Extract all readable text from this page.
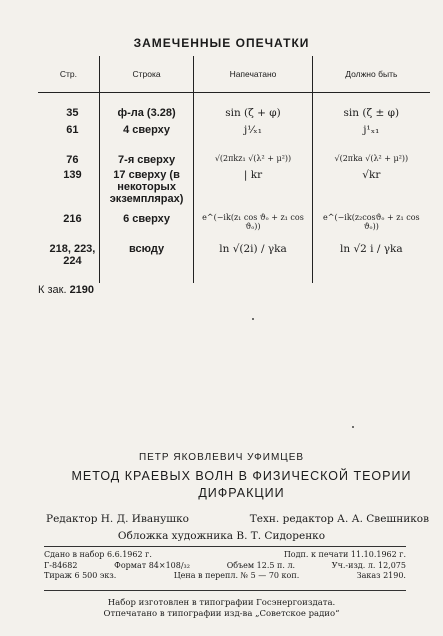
ЗАМЕЧЕННЫЕ ОПЕЧАТКИ
Стр.	Строка	Напечатано	Должно быть

35	ф-ла (3.28)	sin (ζ + φ)	sin (ζ ± φ)
61	4 сверху	j¹⁄ₓ₁	j¹ₓ₁
76	7-я сверху	√(2πkz₁ √(λ² + μ²))	√(2πka √(λ² + μ²))
139	17 сверху (в некоторых экземплярах)	| kr	√kr
216	6 сверху	e^(−ik(z₁ cos ϑₒ + z₁ cos ϑₒ))	e^(−ik(z₂cosϑₒ + z₁ cos ϑₒ))
218, 223, 224	всюду	ln √(2i) / γka	ln √2 i / γka
К зак. 2190
ПЕТР ЯКОВЛЕВИЧ УФИМЦЕВ
МЕТОД КРАЕВЫХ ВОЛН В ФИЗИЧЕСКОЙ ТЕОРИИ
ДИФРАКЦИИ
Редактор Н. Д. Иванушко	Техн. редактор А. А. Свешников
Обложка художника В. Т. Сидоренко
Сдано в набор 6.6.1962 г.	Подп. к печати 11.10.1962 г.
Г-84682	Формат 84×108/₃₂	Объем 12.5 п. л.	Уч.-изд. л. 12,075
Тираж 6 500 экз.	Цена в перепл. № 5 — 70 коп.	Заказ 2190.
Набор изготовлен в типографии Госэнергоиздата.
Отпечатано в типографии изд-ва „Советское радио“
